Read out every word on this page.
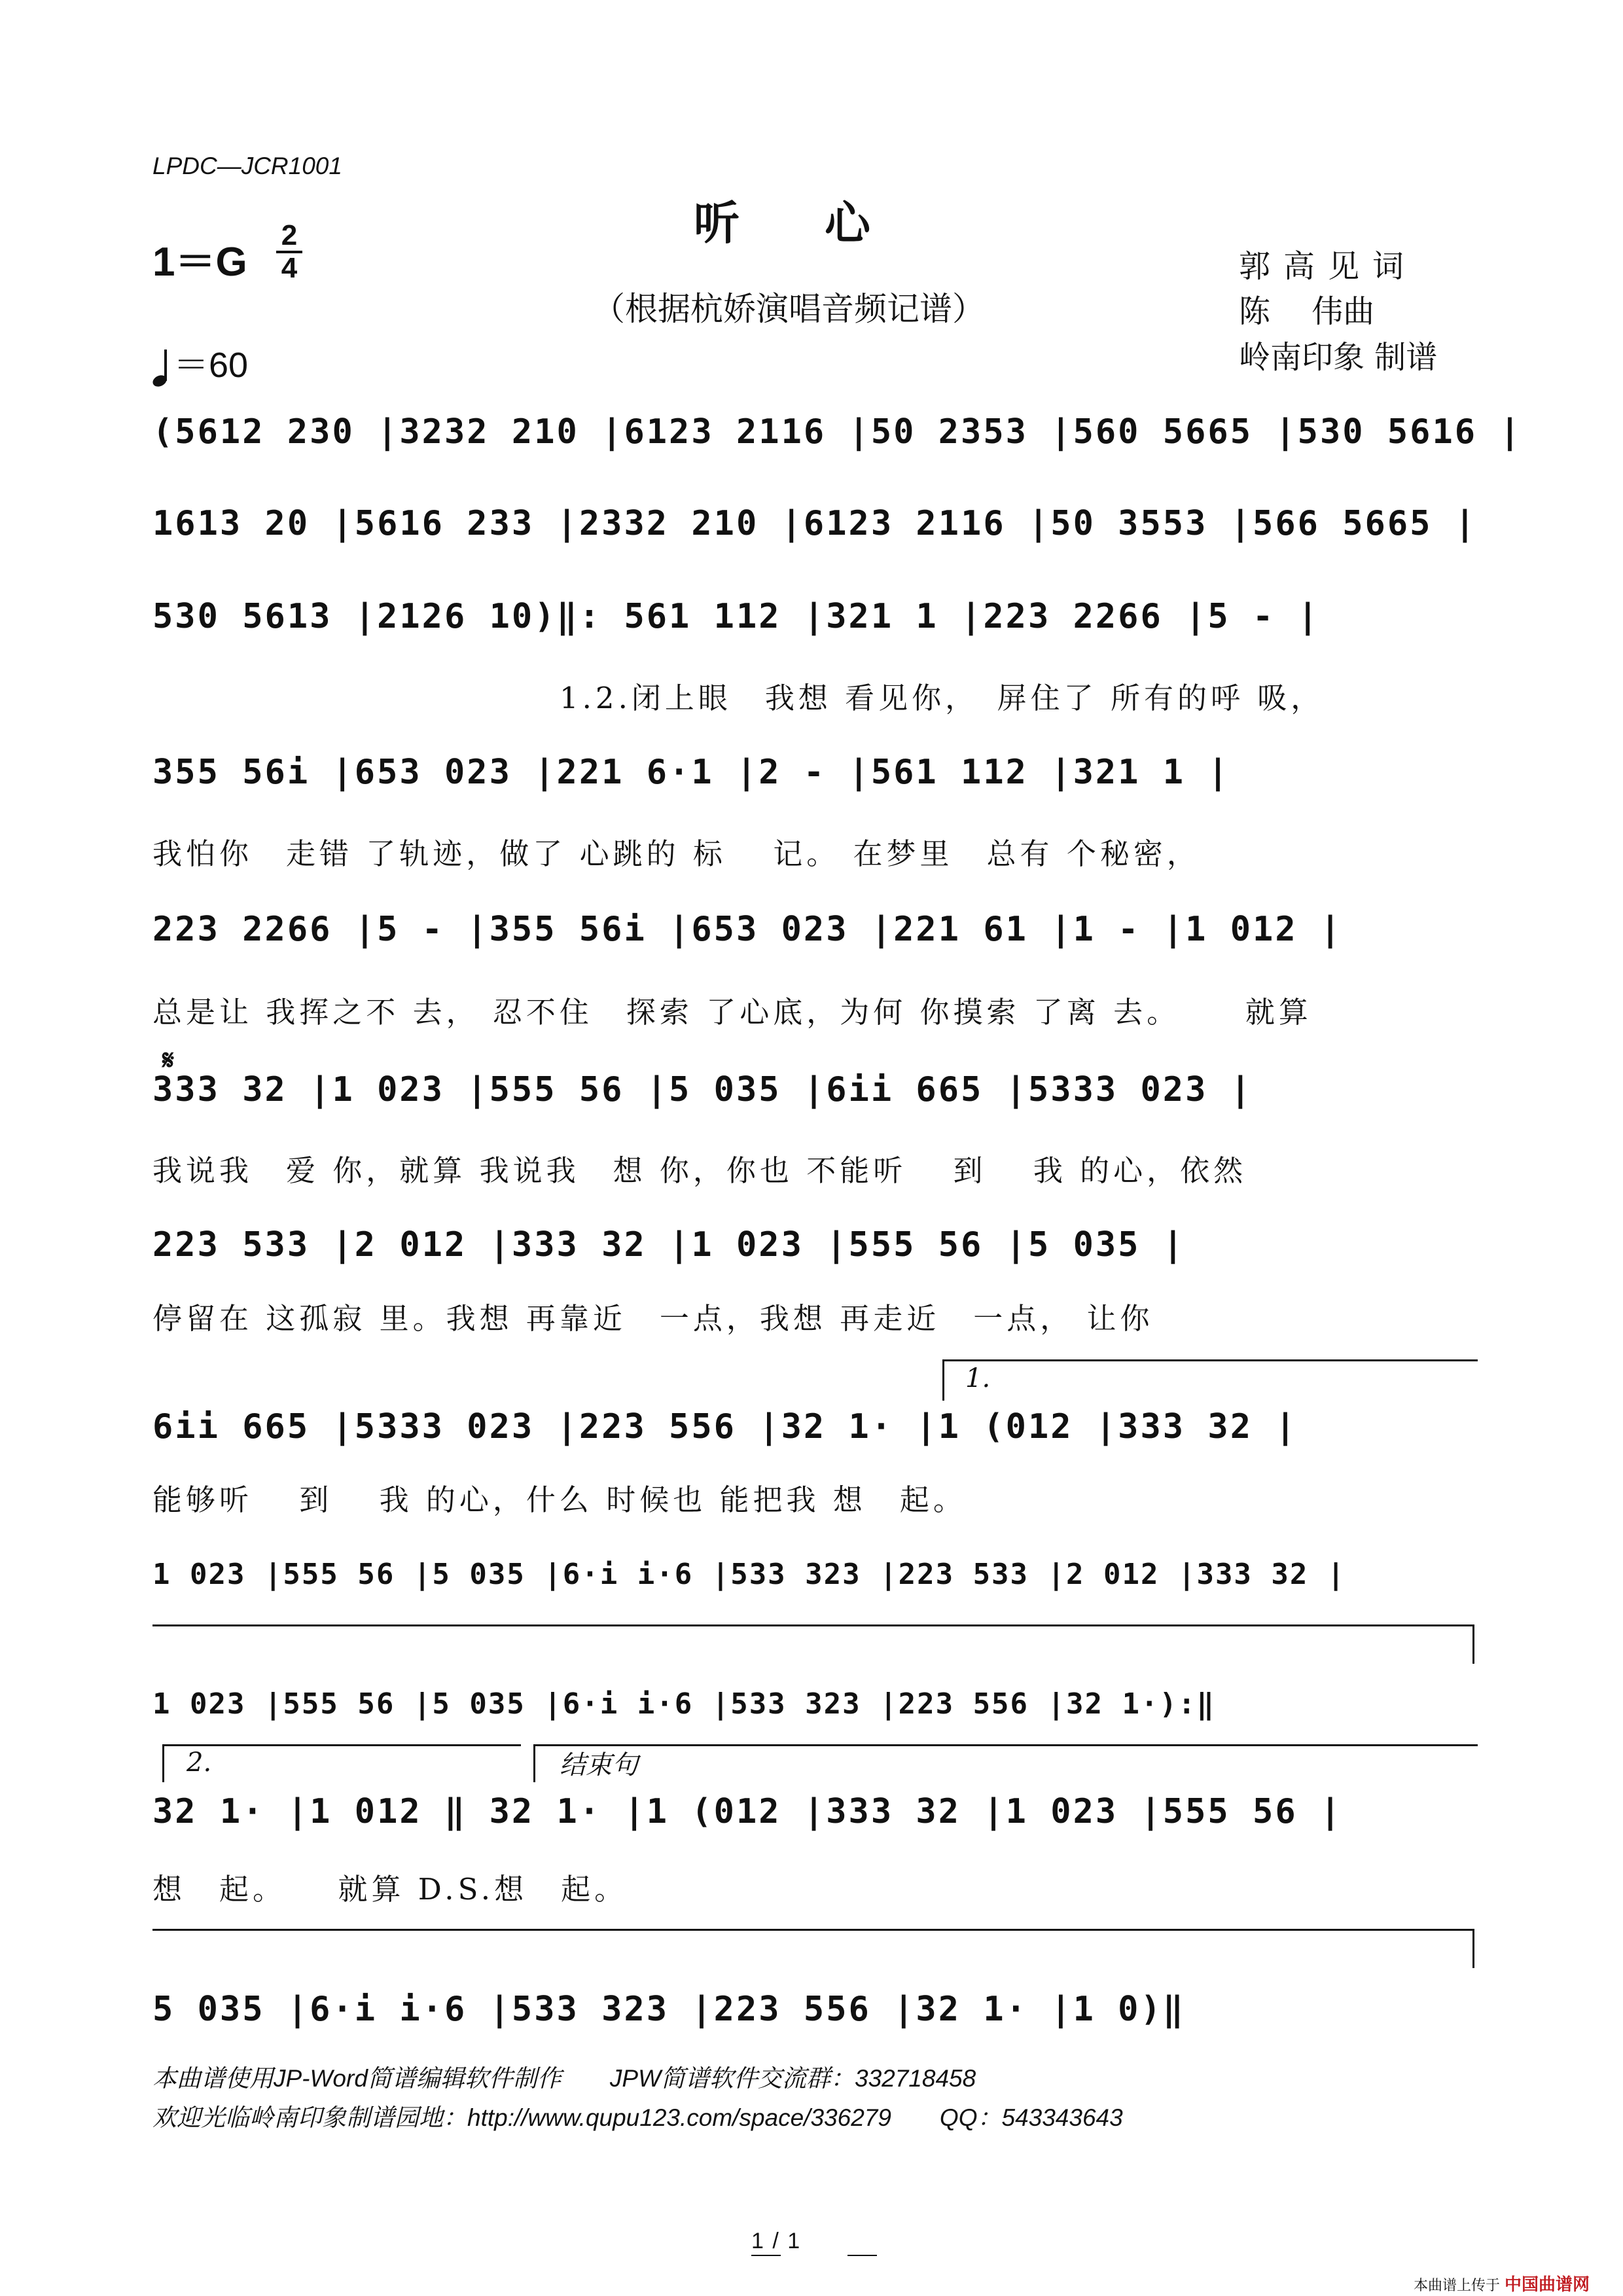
LPDC—JCR1001
听心
1＝G
2
4
（根据杭娇演唱音频记谱）
郭高见词
陈　 伟曲
岭南印象 制谱
＝60
(5612 230 |3232 210 |6123 2116 |50 2353 |560 5665 |530 5616 |
1613 20 |5616 233 |2332 210 |6123 2116 |50 3553 |566 5665 |
530 5613 |2126 10)‖: 561 112 |321 1 |223 2266 |5 - |
1.2.闭上眼　我想 看见你，　屏住了 所有的呼 吸，
355 56i |653 023 |221 6·1 |2 - |561 112 |321 1 |
我怕你　走错 了轨迹，做了 心跳的 标　 记。 在梦里　总有 个秘密，
223 2266 |5 - |355 56i |653 023 |221 61 |1 - |1 012 |
总是让 我挥之不 去， 忍不住　探索 了心底，为何 你摸索 了离 去。　　 就算
𝄋
333 32 |1 023 |555 56 |5 035 |6ii 665 |5333 023 |
我说我　爱 你，就算 我说我　想 你，你也 不能听　 到　 我 的心，依然
223 533 |2 012 |333 32 |1 023 |555 56 |5 035 |
停留在 这孤寂 里。我想 再靠近　一点，我想 再走近　一点， 让你
1.
6ii 665 |5333 023 |223 556 |32 1· |1 (012 |333 32 |
能够听　 到　 我 的心，什么 时候也 能把我 想　起。
1 023 |555 56 |5 035 |6·i i·6 |533 323 |223 533 |2 012 |333 32 |
1 023 |555 56 |5 035 |6·i i·6 |533 323 |223 556 |32 1·):‖
2.	结束句
32 1· |1 012 ‖ 32 1· |1 (012 |333 32 |1 023 |555 56 |
想　起。　　就算 D.S.想　起。
5 035 |6·i i·6 |533 323 |223 556 |32 1· |1 0)‖
本曲谱使用JP-Word简谱编辑软件制作　　JPW简谱软件交流群：332718458
欢迎光临岭南印象制谱园地：http://www.qupu123.com/space/336279　　QQ：543343643
1 / 1
本曲谱上传于 中国曲谱网
